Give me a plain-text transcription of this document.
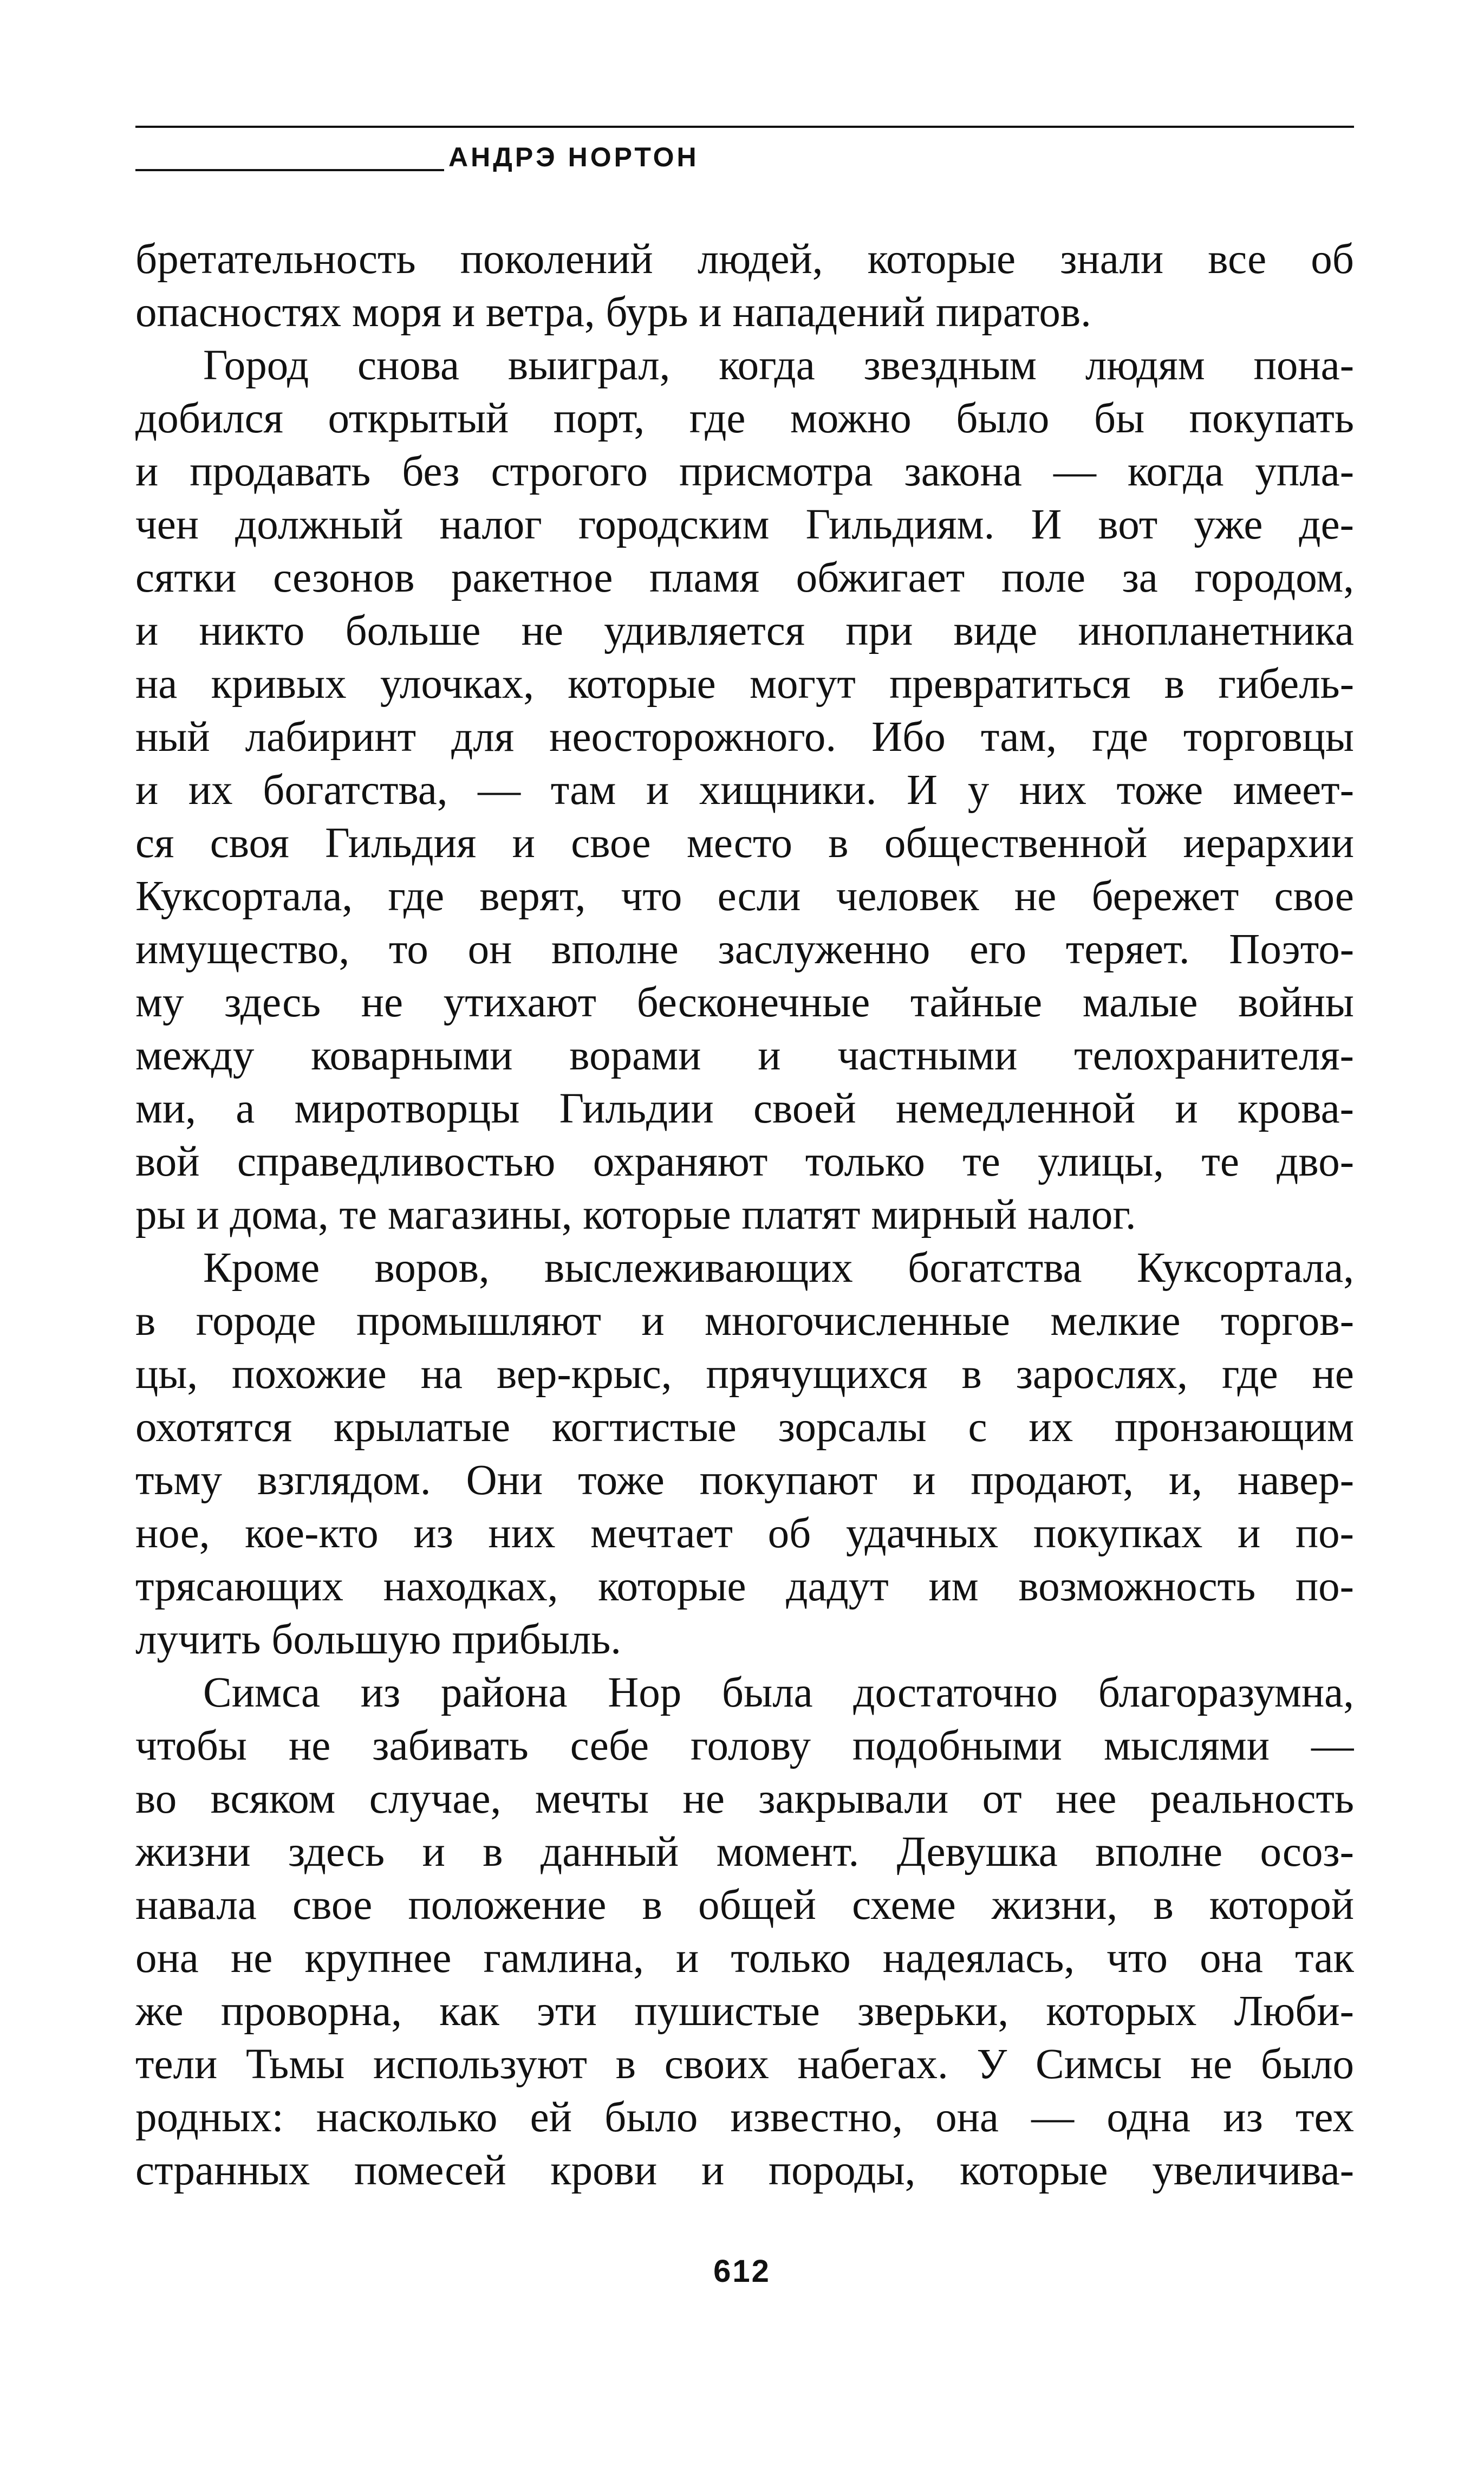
АНДРЭ НОРТОН
бретательность поколений людей, которые знали все об
опасностях моря и ветра, бурь и нападений пиратов.
Город снова выиграл, когда звездным людям пона-
добился открытый порт, где можно было бы покупать
и продавать без строгого присмотра закона — когда упла-
чен должный налог городским Гильдиям. И вот уже де-
сятки сезонов ракетное пламя обжигает поле за городом,
и никто больше не удивляется при виде инопланетника
на кривых улочках, которые могут превратиться в гибель-
ный лабиринт для неосторожного. Ибо там, где торговцы
и их богатства, — там и хищники. И у них тоже имеет-
ся своя Гильдия и свое место в общественной иерархии
Куксортала, где верят, что если человек не бережет свое
имущество, то он вполне заслуженно его теряет. Поэто-
му здесь не утихают бесконечные тайные малые войны
между коварными ворами и частными телохранителя-
ми, а миротворцы Гильдии своей немедленной и крова-
вой справедливостью охраняют только те улицы, те дво-
ры и дома, те магазины, которые платят мирный налог.
Кроме воров, выслеживающих богатства Куксортала,
в городе промышляют и многочисленные мелкие торгов-
цы, похожие на вер-крыс, прячущихся в зарослях, где не
охотятся крылатые когтистые зорсалы с их пронзающим
тьму взглядом. Они тоже покупают и продают, и, навер-
ное, кое-кто из них мечтает об удачных покупках и по-
трясающих находках, которые дадут им возможность по-
лучить большую прибыль.
Симса из района Нор была достаточно благоразумна,
чтобы не забивать себе голову подобными мыслями —
во всяком случае, мечты не закрывали от нее реальность
жизни здесь и в данный момент. Девушка вполне осоз-
навала свое положение в общей схеме жизни, в которой
она не крупнее гамлина, и только надеялась, что она так
же проворна, как эти пушистые зверьки, которых Люби-
тели Тьмы используют в своих набегах. У Симсы не было
родных: насколько ей было известно, она — одна из тех
странных помесей крови и породы, которые увеличива-
612
